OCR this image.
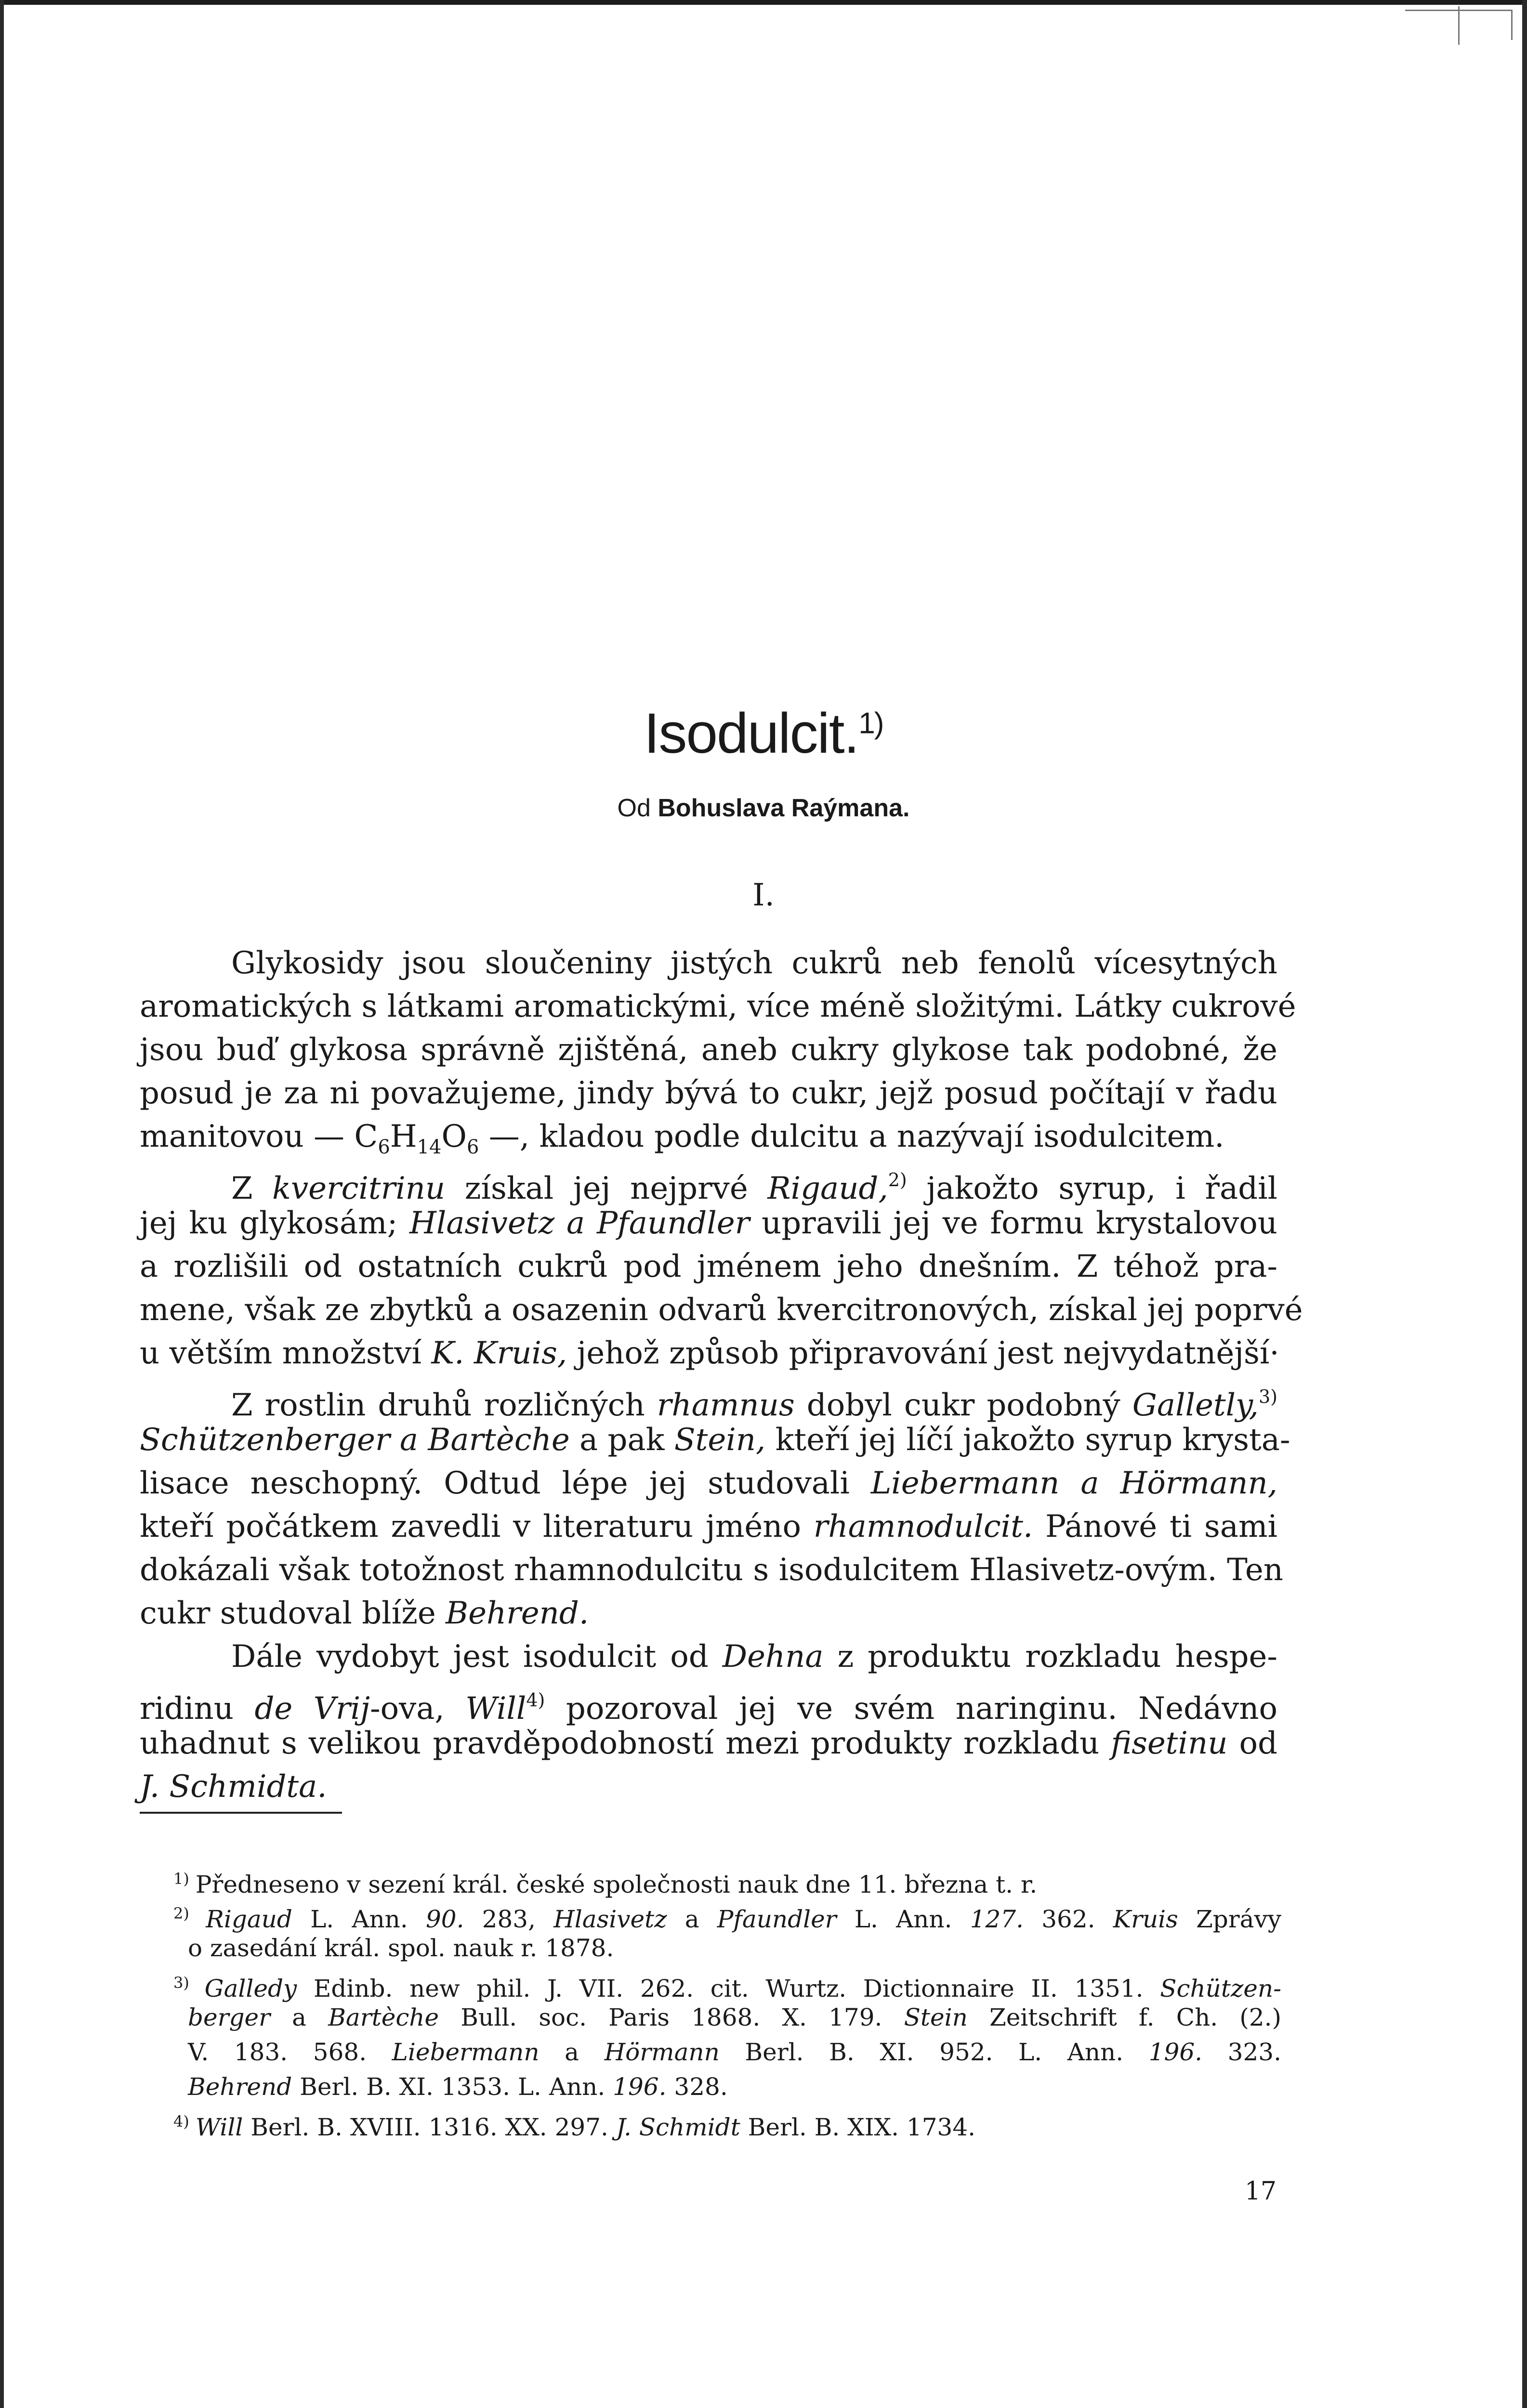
Isodulcit.$^{1)}$
Od Bohuslava Raýmana.
I.
Glykosidy jsou sloučeniny jistých cukrů neb fenolů vícesytných
aromatických s látkami aromatickými, více méně složitými. Látky cukrové
jsou buď glykosa správně zjištěná, aneb cukry glykose tak podobné, že
posud je za ni považujeme, jindy bývá to cukr, jejž posud počítají v řadu
manitovou — $C_6H_{14}O_6$ —, kladou podle dulcitu a nazývají isodulcitem.
Z kvercitrinu získal jej nejprvé Rigaud,$^{2)}$ jakožto syrup, i řadil
jej ku glykosám; Hlasivetz a Pfaundler upravili jej ve formu krystalovou
a rozlišili od ostatních cukrů pod jménem jeho dnešním. Z téhož pra-
mene, však ze zbytků a osazenin odvarů kvercitronových, získal jej poprvé
u větším množství K. Kruis, jehož způsob připravování jest nejvydatnější·
Z rostlin druhů rozličných rhamnus dobyl cukr podobný Galletly,$^{3)}$
Schützenberger a Bartèche a pak Stein, kteří jej líčí jakožto syrup krysta-
lisace neschopný. Odtud lépe jej studovali Liebermann a Hörmann,
kteří počátkem zavedli v literaturu jméno rhamnodulcit. Pánové ti sami
dokázali však totožnost rhamnodulcitu s isodulcitem Hlasivetz-ovým. Ten
cukr studoval blíže Behrend.
Dále vydobyt jest isodulcit od Dehna z produktu rozkladu hespe-
ridinu de Vrij-ova, Will$^{4)}$ pozoroval jej ve svém naringinu. Nedávno
uhadnut s velikou pravděpodobností mezi produkty rozkladu fisetinu od
J. Schmidta.
$^{1)}$ Předneseno v sezení král. české společnosti nauk dne 11. března t. r.
$^{2)}$ Rigaud L. Ann. 90. 283, Hlasivetz a Pfaundler L. Ann. 127. 362. Kruis Zprávy
o zasedání král. spol. nauk r. 1878.
$^{3)}$ Galledy Edinb. new phil. J. VII. 262. cit. Wurtz. Dictionnaire II. 1351. Schützen-
berger a Bartèche Bull. soc. Paris 1868. X. 179. Stein Zeitschrift f. Ch. (2.)
V. 183. 568. Liebermann a Hörmann Berl. B. XI. 952. L. Ann. 196. 323.
Behrend Berl. B. XI. 1353. L. Ann. 196. 328.
$^{4)}$ Will Berl. B. XVIII. 1316. XX. 297. J. Schmidt Berl. B. XIX. 1734.
17
